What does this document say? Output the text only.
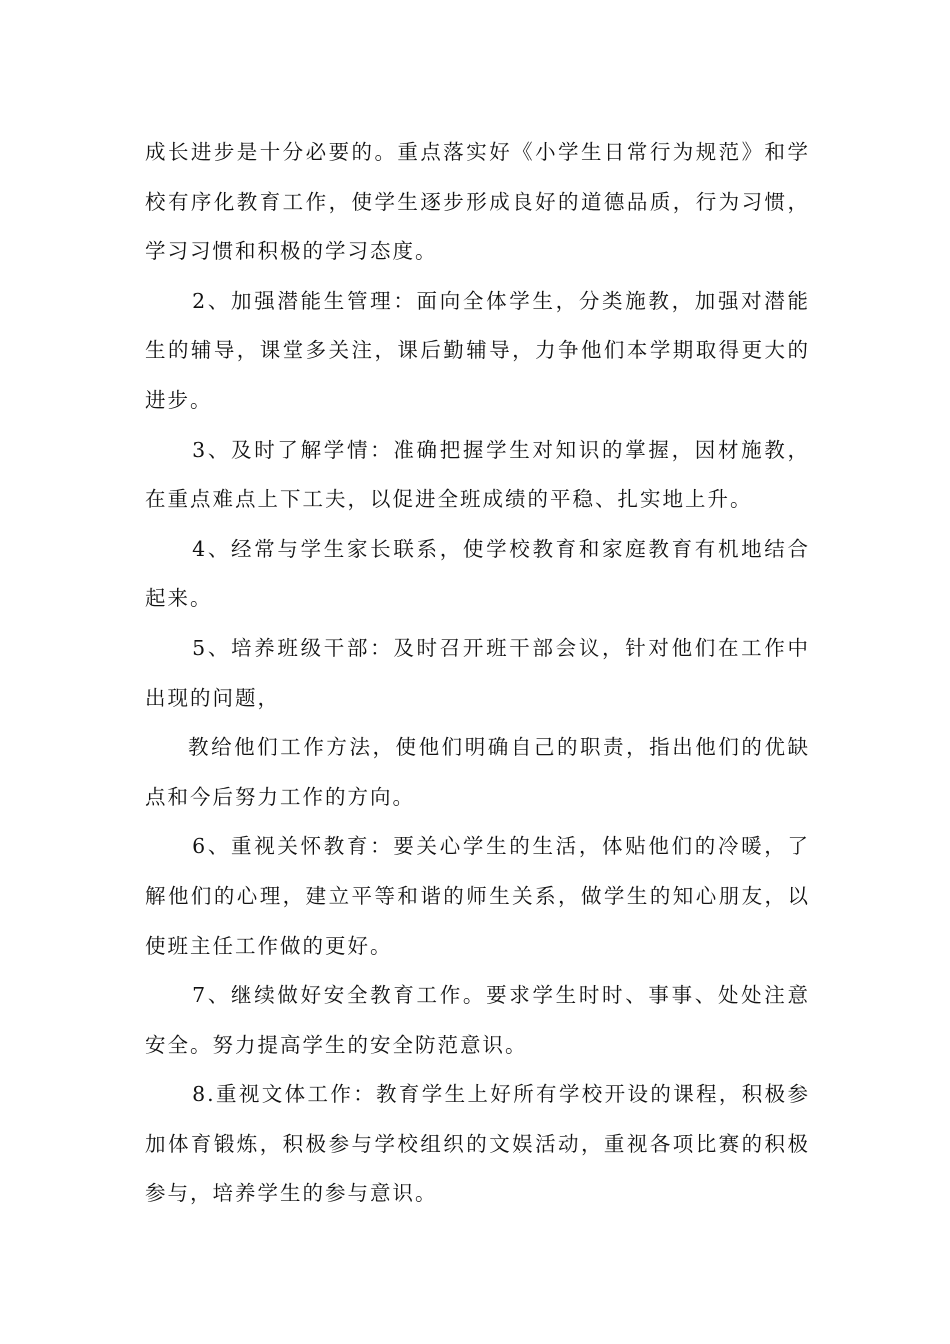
成长进步是十分必要的。重点落实好《小学生日常行为规范》和学校有序化教育工作，使学生逐步形成良好的道德品质，行为习惯，学习习惯和积极的学习态度。

2、加强潜能生管理：面向全体学生，分类施教，加强对潜能生的辅导，课堂多关注，课后勤辅导，力争他们本学期取得更大的进步。

3、及时了解学情：准确把握学生对知识的掌握，因材施教，在重点难点上下工夫，以促进全班成绩的平稳、扎实地上升。

4、经常与学生家长联系，使学校教育和家庭教育有机地结合起来。

5、培养班级干部：及时召开班干部会议，针对他们在工作中出现的问题，

教给他们工作方法，使他们明确自己的职责，指出他们的优缺点和今后努力工作的方向。

6、重视关怀教育：要关心学生的生活，体贴他们的冷暖，了解他们的心理，建立平等和谐的师生关系，做学生的知心朋友，以使班主任工作做的更好。

7、继续做好安全教育工作。要求学生时时、事事、处处注意安全。努力提高学生的安全防范意识。

8.重视文体工作：教育学生上好所有学校开设的课程，积极参加体育锻炼，积极参与学校组织的文娱活动，重视各项比赛的积极参与，培养学生的参与意识。
